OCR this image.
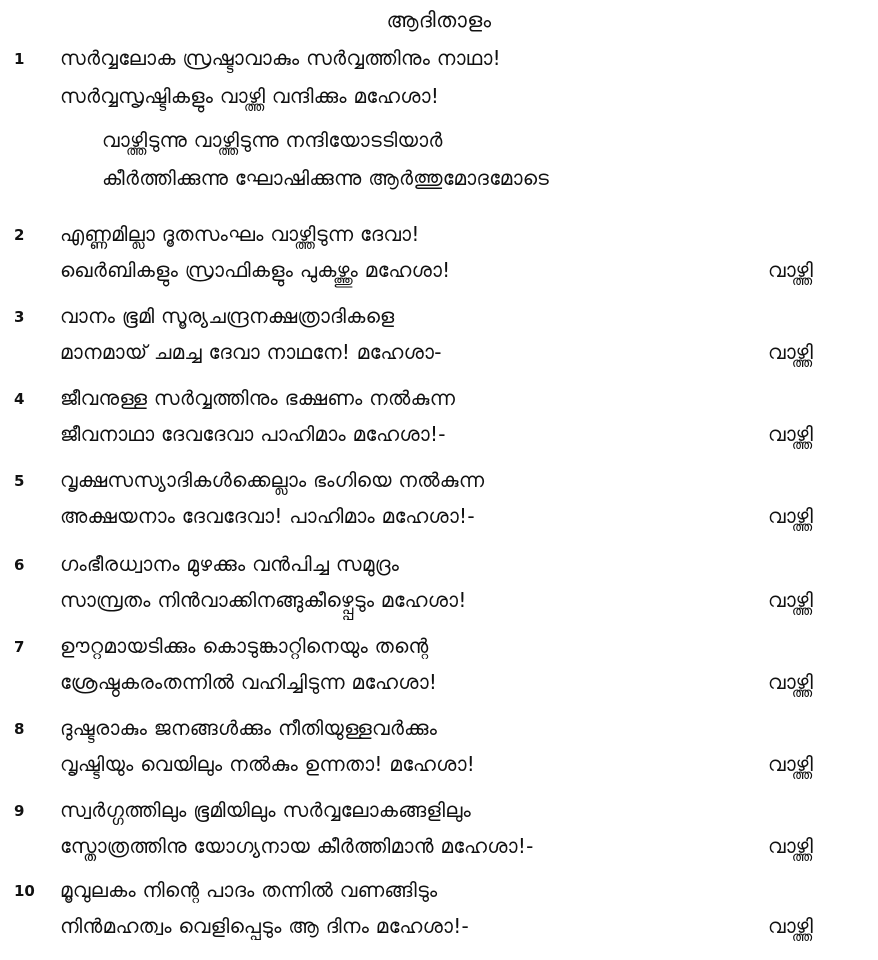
ആദിതാളം
1 സർവ്വലോക സ്രഷ്ടാവാകും സർവ്വത്തിനും നാഥാ!
സർവ്വസൃഷ്ടികളും വാഴ്ത്തി വന്ദിക്കും മഹേശാ!
വാഴ്ത്തിടുന്നു വാഴ്ത്തിടുന്നു നന്ദിയോടടിയാർ
കീർത്തിക്കുന്നു ഘോഷിക്കുന്നു ആർത്തുമോദമോടെ
2 എണ്ണമില്ലാ ദൂതസംഘം വാഴ്ത്തിടുന്ന ദേവാ!
ഖെർബികളും സ്രാഫികളും പുകഴ്ത്തും മഹേശാ!	വാഴ്ത്തി
3 വാനം ഭൂമി സൂര്യചന്ദ്രനക്ഷത്രാദികളെ
മാനമായ് ചമച്ച ദേവാ നാഥനേ! മഹേശാ-	വാഴ്ത്തി
4 ജീവനുള്ള സർവ്വത്തിനും ഭക്ഷണം നൽകുന്ന
ജീവനാഥാ ദേവദേവാ പാഹിമാം മഹേശാ!-	വാഴ്ത്തി
5 വൃക്ഷസസ്യാദികൾക്കെല്ലാം ഭംഗിയെ നൽകുന്ന
അക്ഷയനാം ദേവദേവാ! പാഹിമാം മഹേശാ!-	വാഴ്ത്തി
6 ഗംഭീരധ്വാനം മുഴക്കും വൻപിച്ച സമുദ്രം
സാമ്പ്രതം നിൻവാക്കിനങ്ങുകീഴ്പ്പെടും മഹേശാ!	വാഴ്ത്തി
7 ഊറ്റമായടിക്കും കൊടുങ്കാറ്റിനെയും തന്റെ
ശ്രേഷ്ഠകരംതന്നിൽ വഹിച്ചിടുന്ന മഹേശാ!	വാഴ്ത്തി
8 ദുഷ്ടരാകും ജനങ്ങൾക്കും നീതിയുള്ളവർക്കും
വൃഷ്ടിയും വെയിലും നൽകും ഉന്നതാ! മഹേശാ!	വാഴ്ത്തി
9 സ്വർഗ്ഗത്തിലും ഭൂമിയിലും സർവ്വലോകങ്ങളിലും
സ്തോത്രത്തിനു യോഗ്യനായ കീർത്തിമാൻ മഹേശാ!-	വാഴ്ത്തി
10 മൂവുലകം നിന്റെ പാദം തന്നിൽ വണങ്ങിടും
നിൻമഹത്വം വെളിപ്പെടും ആ ദിനം മഹേശാ!-	വാഴ്ത്തി
